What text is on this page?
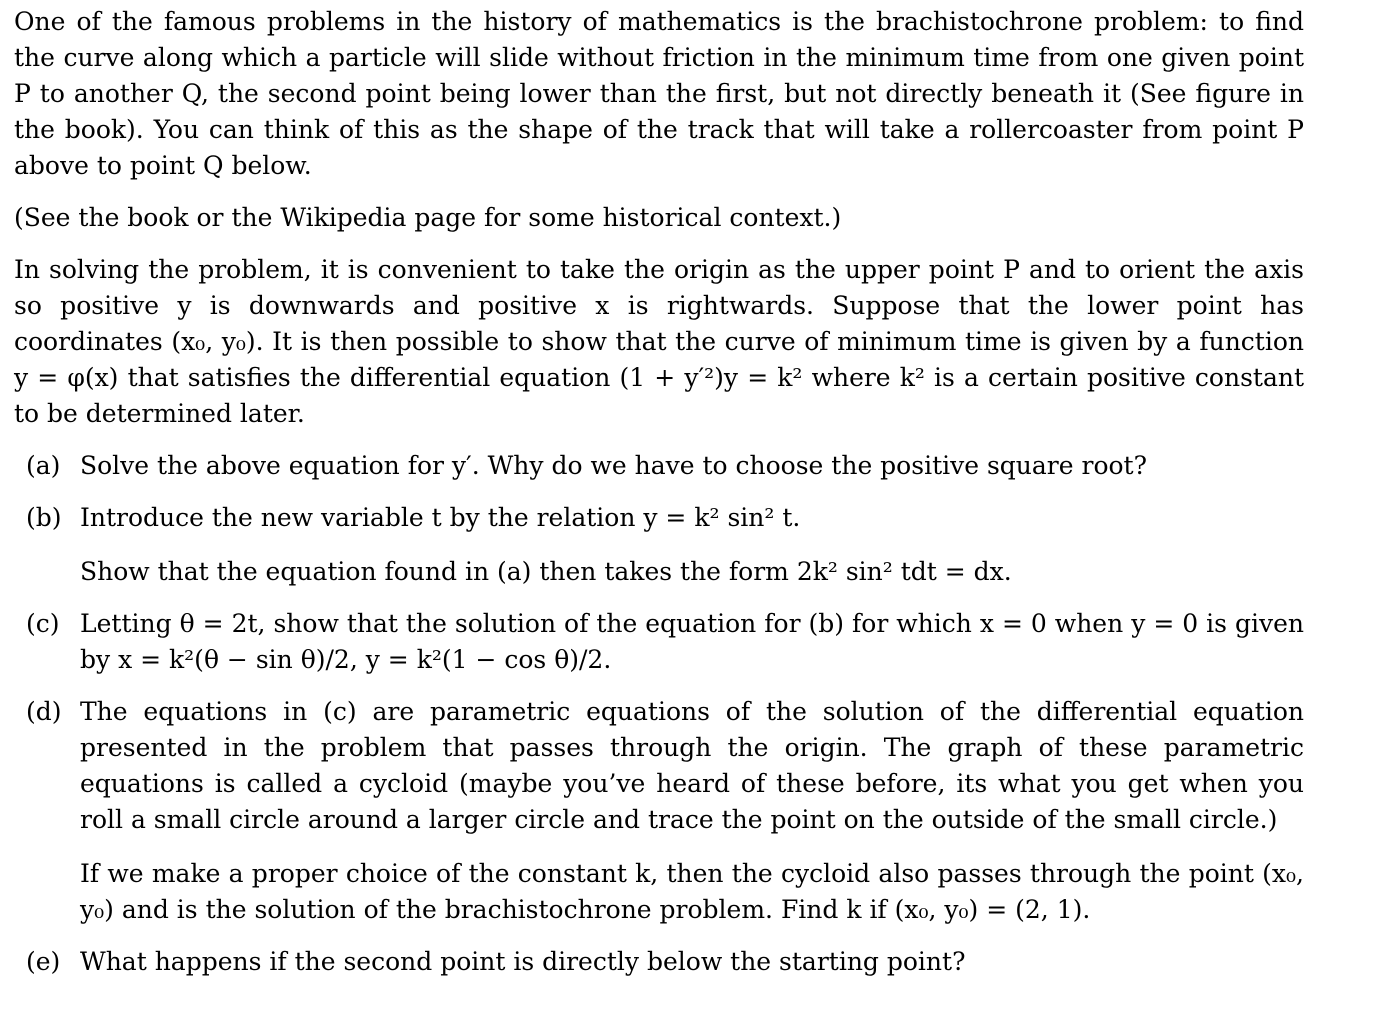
One of the famous problems in the history of mathematics is the brachistochrone problem: to find the curve along which a particle will slide without friction in the minimum time from one given point P to another Q, the second point being lower than the first, but not directly beneath it (See figure in the book). You can think of this as the shape of the track that will take a rollercoaster from point P above to point Q below.

(See the book or the Wikipedia page for some historical context.)

In solving the problem, it is convenient to take the origin as the upper point P and to orient the axis so positive y is downwards and positive x is rightwards. Suppose that the lower point has coordinates (x₀, y₀). It is then possible to show that the curve of minimum time is given by a function y = φ(x) that satisfies the differential equation (1 + y′²)y = k² where k² is a certain positive constant to be determined later.

(a) Solve the above equation for y′. Why do we have to choose the positive square root?

(b) Introduce the new variable t by the relation y = k² sin² t.

Show that the equation found in (a) then takes the form 2k² sin² tdt = dx.

(c) Letting θ = 2t, show that the solution of the equation for (b) for which x = 0 when y = 0 is given by x = k²(θ − sin θ)/2, y = k²(1 − cos θ)/2.

(d) The equations in (c) are parametric equations of the solution of the differential equation presented in the problem that passes through the origin. The graph of these parametric equations is called a cycloid (maybe you’ve heard of these before, its what you get when you roll a small circle around a larger circle and trace the point on the outside of the small circle.)

If we make a proper choice of the constant k, then the cycloid also passes through the point (x₀, y₀) and is the solution of the brachistochrone problem. Find k if (x₀, y₀) = (2, 1).

(e) What happens if the second point is directly below the starting point?
